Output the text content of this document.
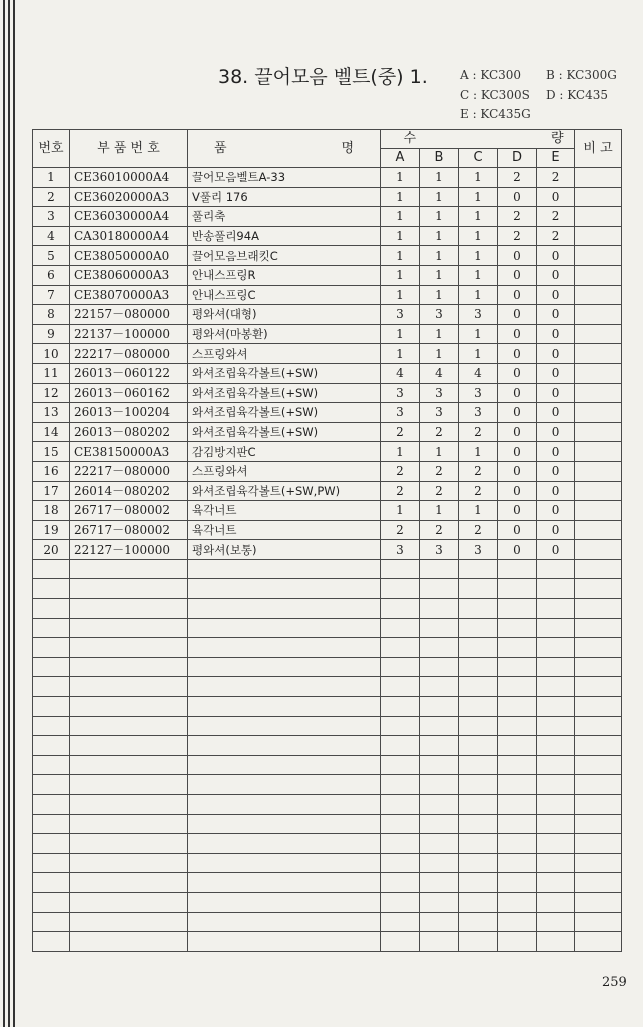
38. 끌어모음 벨트(중) 1.	A : KC300 B : KC300G
C : KC300S D : KC435
E : KC435G
번호	부 품 번 호	품 명	수 량					비 고
			A	B	C	D	E	
1	CE36010000A4	끌어모음벨트A-33	1	1	1	2	2	
2	CE36020000A3	V풀리 176	1	1	1	0	0	
3	CE36030000A4	풀리축	1	1	1	2	2	
4	CA30180000A4	반송풀리94A	1	1	1	2	2	
5	CE38050000A0	끌어모음브래킷C	1	1	1	0	0	
6	CE38060000A3	안내스프링R	1	1	1	0	0	
7	CE38070000A3	안내스프링C	1	1	1	0	0	
8	22157－080000	평와셔(대형)	3	3	3	0	0	
9	22137－100000	평와셔(마봉환)	1	1	1	0	0	
10	22217－080000	스프링와셔	1	1	1	0	0	
11	26013－060122	와셔조립육각볼트(+SW)	4	4	4	0	0	
12	26013－060162	와셔조립육각볼트(+SW)	3	3	3	0	0	
13	26013－100204	와셔조립육각볼트(+SW)	3	3	3	0	0	
14	26013－080202	와셔조립육각볼트(+SW)	2	2	2	0	0	
15	CE38150000A3	감김방지판C	1	1	1	0	0	
16	22217－080000	스프링와셔	2	2	2	0	0	
17	26014－080202	와셔조립육각볼트(+SW,PW)	2	2	2	0	0	
18	26717－080002	육각너트	1	1	1	0	0	
19	26717－080002	육각너트	2	2	2	0	0	
20	22127－100000	평와셔(보통)	3	3	3	0	0	

259
